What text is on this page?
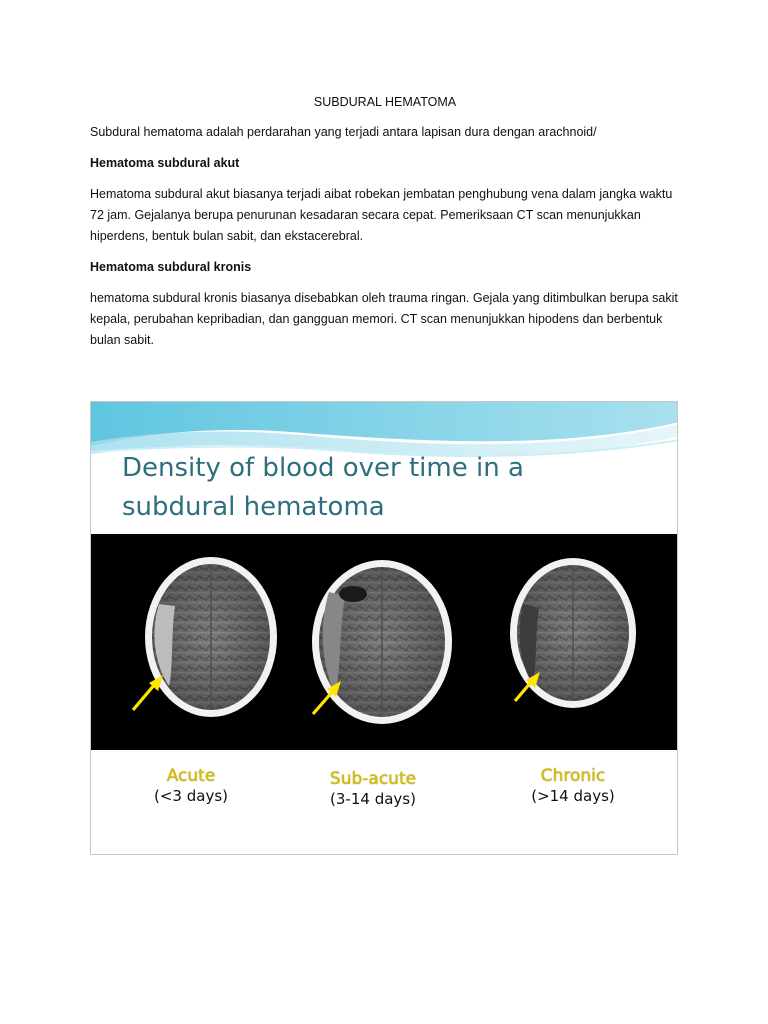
SUBDURAL HEMATOMA

Subdural hematoma adalah perdarahan yang terjadi antara lapisan dura dengan arachnoid/

Hematoma subdural akut

Hematoma subdural akut biasanya terjadi aibat robekan jembatan penghubung vena dalam jangka waktu 72 jam. Gejalanya berupa penurunan kesadaran secara cepat. Pemeriksaan CT scan menunjukkan hiperdens, bentuk bulan sabit, dan ekstacerebral.

Hematoma subdural kronis

hematoma subdural kronis biasanya disebabkan oleh trauma ringan. Gejala yang ditimbulkan berupa sakit kepala, perubahan kepribadian, dan gangguan memori. CT scan menunjukkan hipodens dan berbentuk bulan sabit.

Density of blood over time in a
subdural hematoma
Acute
(<3 days)
Sub-acute
(3-14 days)
Chronic
(>14 days)
